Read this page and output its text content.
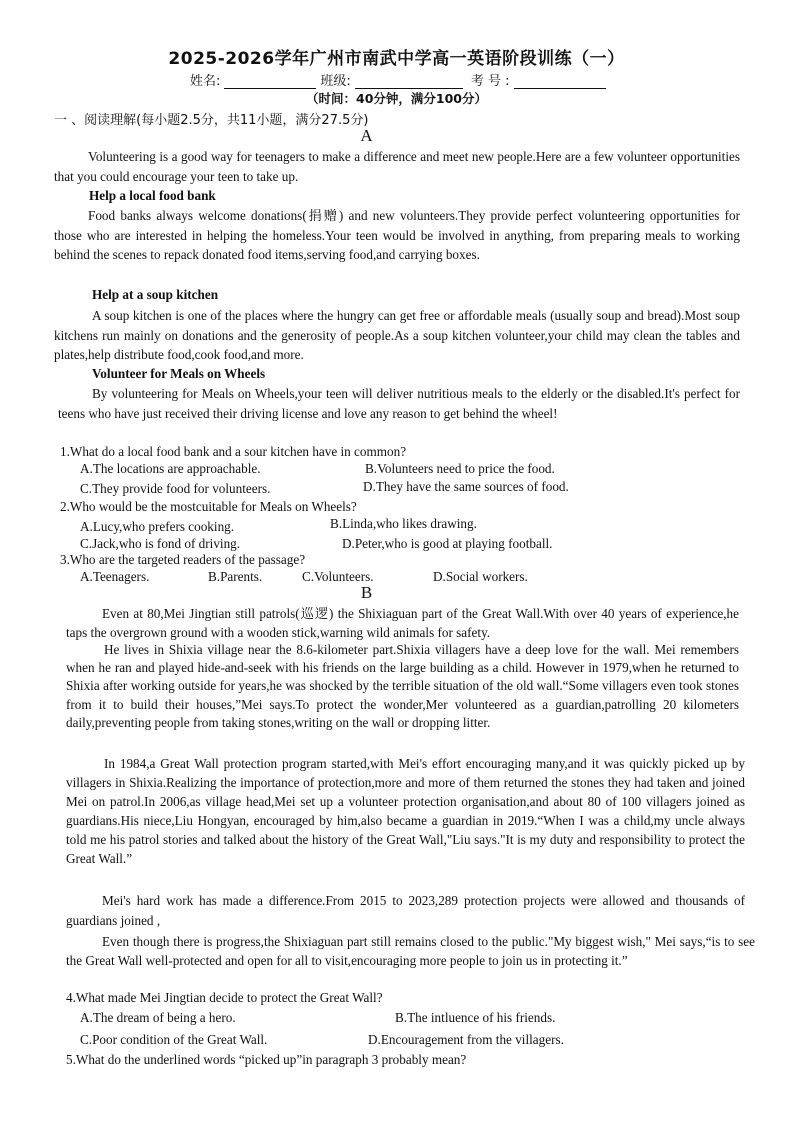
2025-2026学年广州市南武中学高一英语阶段训练（一）
姓名:	班级:	考 号 :
（时间：40分钟，满分100分）
一 、阅读理解(每小题2.5分，共11小题，满分27.5分)
A

Volunteering is a good way for teenagers to make a difference and meet new people.Here are a few volunteer opportunities that you could encourage your teen to take up.

Help a local food bank

Food banks always welcome donations(捐赠) and new volunteers.They provide perfect volunteering opportunities for those who are interested in helping the homeless.Your teen would be involved in anything, from preparing meals to working behind the scenes to repack donated food items,serving food,and carrying boxes.

Help at a soup kitchen

A soup kitchen is one of the places where the hungry can get free or affordable meals (usually soup and bread).Most soup kitchens run mainly on donations and the generosity of people.As a soup kitchen volunteer,your child may clean the tables and plates,help distribute food,cook food,and more.

Volunteer for Meals on Wheels

By volunteering for Meals on Wheels,your teen will deliver nutritious meals to the elderly or the disabled.It's perfect for teens who have just received their driving license and love any reason to get behind the wheel!

1.What do a local food bank and a sour kitchen have in common?
A.The locations are approachable.	B.Volunteers need to price the food.
C.They provide food for volunteers.	D.They have the same sources of food.
2.Who would be the mostcuitable for Meals on Wheels?
A.Lucy,who prefers cooking.	B.Linda,who likes drawing.
C.Jack,who is fond of driving.	D.Peter,who is good at playing football.
3.Who are the targeted readers of the passage?
A.Teenagers.	B.Parents.	C.Volunteers.	D.Social workers.
B

Even at 80,Mei Jingtian still patrols(巡逻) the Shixiaguan part of the Great Wall.With over 40 years of experience,he taps the overgrown ground with a wooden stick,warning wild animals for safety.

He lives in Shixia village near the 8.6-kilometer part.Shixia villagers have a deep love for the wall. Mei remembers when he ran and played hide-and-seek with his friends on the large building as a child. However in 1979,when he returned to Shixia after working outside for years,he was shocked by the terrible situation of the old wall.“Some villagers even took stones from it to build their houses,”Mei says.To protect the wonder,Mer volunteered as a guardian,patrolling 20 kilometers daily,preventing people from taking stones,writing on the wall or dropping litter.

In 1984,a Great Wall protection program started,with Mei's effort encouraging many,and it was quickly picked up by villagers in Shixia.Realizing the importance of protection,more and more of them returned the stones they had taken and joined Mei on patrol.In 2006,as village head,Mei set up a volunteer protection organisation,and about 80 of 100 villagers joined as guardians.His niece,Liu Hongyan, encouraged by him,also became a guardian in 2019.“When I was a child,my uncle always told me his patrol stories and talked about the history of the Great Wall,"Liu says."It is my duty and responsibility to protect the Great Wall.”

Mei's hard work has made a difference.From 2015 to 2023,289 protection projects were allowed and thousands of guardians joined ,

Even though there is progress,the Shixiaguan part still remains closed to the public."My biggest wish," Mei says,“is to see the Great Wall well-protected and open for all to visit,encouraging more people to join us in protecting it.”

4.What made Mei Jingtian decide to protect the Great Wall?
A.The dream of being a hero.	B.The intluence of his friends.
C.Poor condition of the Great Wall.	D.Encouragement from the villagers.
5.What do the underlined words “picked up”in paragraph 3 probably mean?
